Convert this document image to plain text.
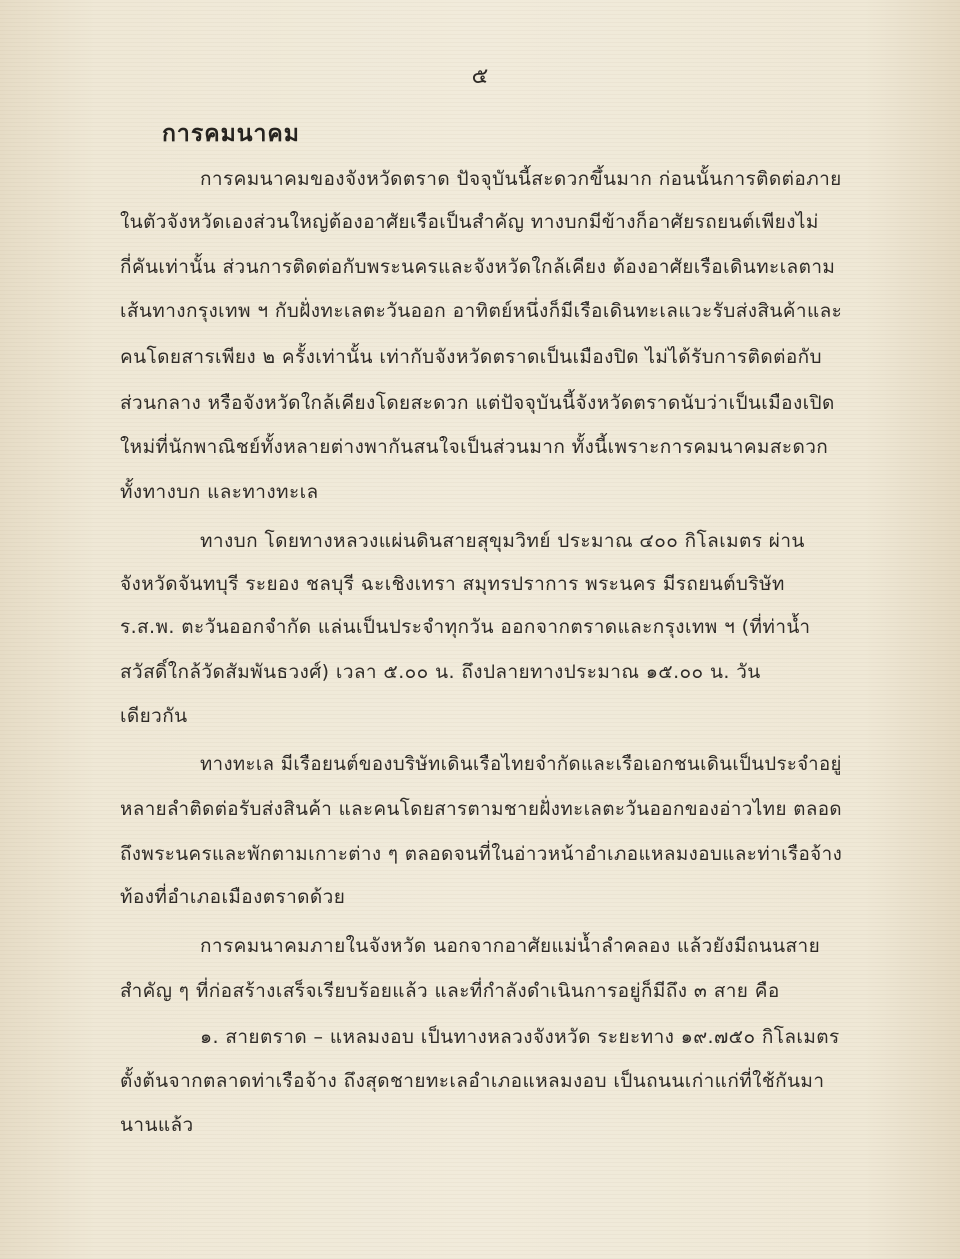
๕
การคมนาคม
การคมนาคมของจังหวัดตราด ปัจจุบันนี้สะดวกขึ้นมาก ก่อนนั้นการติดต่อภาย
ในตัวจังหวัดเองส่วนใหญ่ต้องอาศัยเรือเป็นสำคัญ ทางบกมีข้างก็อาศัยรถยนต์เพียงไม่
กี่คันเท่านั้น ส่วนการติดต่อกับพระนครและจังหวัดใกล้เคียง ต้องอาศัยเรือเดินทะเลตาม
เส้นทางกรุงเทพ ฯ กับฝั่งทะเลตะวันออก อาทิตย์หนึ่งก็มีเรือเดินทะเลแวะรับส่งสินค้าและ
คนโดยสารเพียง ๒ ครั้งเท่านั้น เท่ากับจังหวัดตราดเป็นเมืองปิด ไม่ได้รับการติดต่อกับ
ส่วนกลาง หรือจังหวัดใกล้เคียงโดยสะดวก แต่ปัจจุบันนี้จังหวัดตราดนับว่าเป็นเมืองเปิด
ใหม่ที่นักพาณิชย์ทั้งหลายต่างพากันสนใจเป็นส่วนมาก ทั้งนี้เพราะการคมนาคมสะดวก
ทั้งทางบก และทางทะเล
ทางบก โดยทางหลวงแผ่นดินสายสุขุมวิทย์ ประมาณ ๔๐๐ กิโลเมตร ผ่าน
จังหวัดจันทบุรี ระยอง ชลบุรี ฉะเชิงเทรา สมุทรปราการ พระนคร มีรถยนต์บริษัท
ร.ส.พ. ตะวันออกจำกัด แล่นเป็นประจำทุกวัน ออกจากตราดและกรุงเทพ ฯ (ที่ท่าน้ำ
สวัสดิ์ใกล้วัดสัมพันธวงศ์) เวลา ๕.๐๐ น. ถึงปลายทางประมาณ ๑๕.๐๐ น. วัน
เดียวกัน
ทางทะเล มีเรือยนต์ของบริษัทเดินเรือไทยจำกัดและเรือเอกชนเดินเป็นประจำอยู่
หลายลำติดต่อรับส่งสินค้า และคนโดยสารตามชายฝั่งทะเลตะวันออกของอ่าวไทย ตลอด
ถึงพระนครและพักตามเกาะต่าง ๆ ตลอดจนที่ในอ่าวหน้าอำเภอแหลมงอบและท่าเรือจ้าง
ท้องที่อำเภอเมืองตราดด้วย
การคมนาคมภายในจังหวัด นอกจากอาศัยแม่น้ำลำคลอง แล้วยังมีถนนสาย
สำคัญ ๆ ที่ก่อสร้างเสร็จเรียบร้อยแล้ว และที่กำลังดำเนินการอยู่ก็มีถึง ๓ สาย คือ
๑. สายตราด – แหลมงอบ เป็นทางหลวงจังหวัด ระยะทาง ๑๙.๗๕๐ กิโลเมตร
ตั้งต้นจากตลาดท่าเรือจ้าง ถึงสุดชายทะเลอำเภอแหลมงอบ เป็นถนนเก่าแก่ที่ใช้กันมา
นานแล้ว
